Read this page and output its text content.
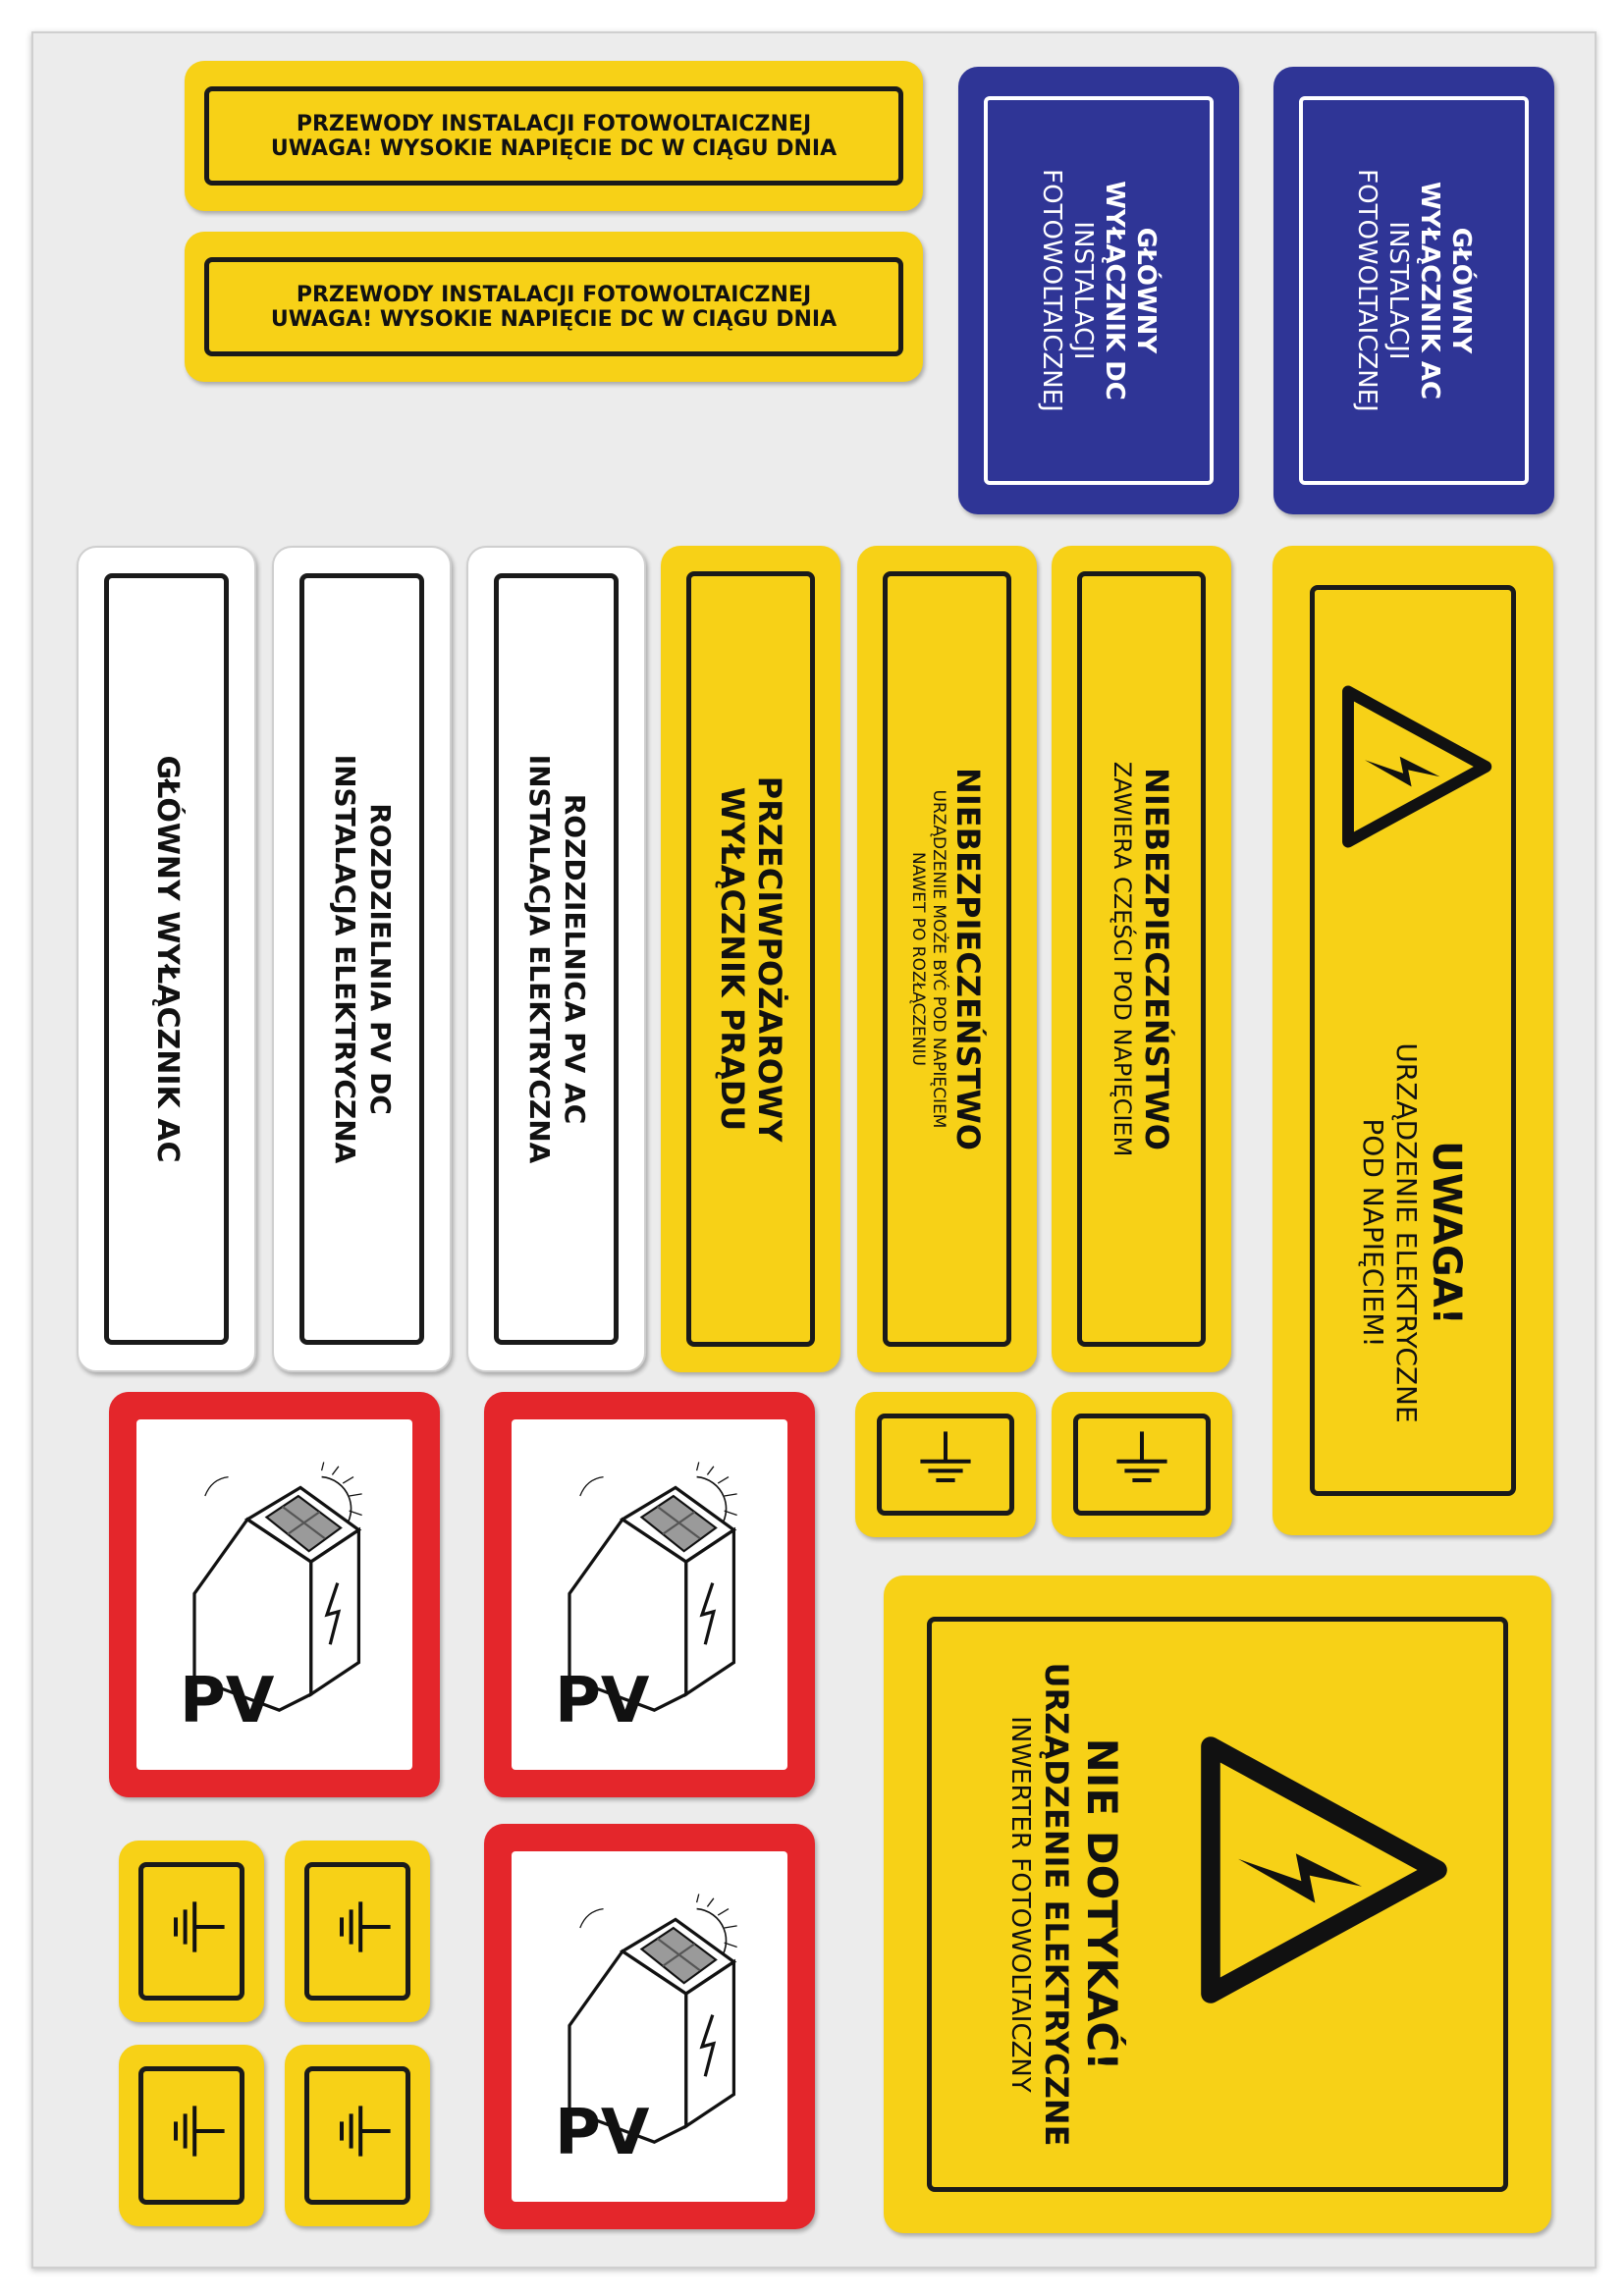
PRZEWODY INSTALACJI FOTOWOLTAICZNEJ
UWAGA! WYSOKIE NAPIĘCIE DC W CIĄGU DNIA
PRZEWODY INSTALACJI FOTOWOLTAICZNEJ
UWAGA! WYSOKIE NAPIĘCIE DC W CIĄGU DNIA	GŁÓWNY
WYŁĄCZNIK DC
INSTALACJI
FOTOWOLTAICZNEJ	GŁÓWNY
WYŁĄCZNIK AC
INSTALACJI
FOTOWOLTAICZNEJ
GŁÓWNY WYŁĄCZNIK AC	ROZDZIELNIA PV DC
INSTALACJA ELEKTRYCZNA	ROZDZIELNICA PV AC
INSTALACJA ELEKTRYCZNA	PRZECIWPOŻAROWY
WYŁĄCZNIK PRĄDU	NIEBEZPIECZEŃSTWO
URZĄDZENIE MOŻE BYĆ POD NAPIĘCIEM
NAWET PO ROZŁĄCZENIU	NIEBEZPIECZEŃSTWO
ZAWIERA CZĘŚCI POD NAPIĘCIEM
UWAGA!
URZĄDZENIE ELEKTRYCZNE
POD NAPIĘCIEM!
PV	PV
PV
NIE DOTYKAĆ!
URZĄDZENIE ELEKTRYCZNE
INWERTER FOTOWOLTAICZNY
